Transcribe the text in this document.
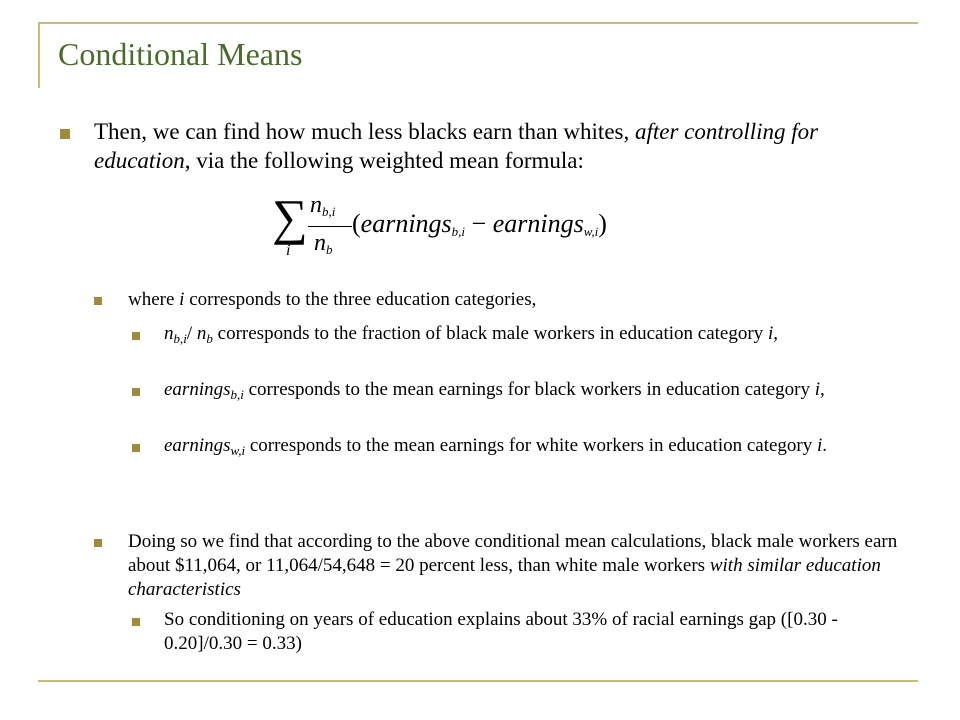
Conditional Means
Then, we can find how much less blacks earn than whites, after controlling for education, via the following weighted mean formula:
∑
i
$n_{b,i}$
$n_b$
(earnings$_{b,i}$ − earnings$_{w,i}$)
where i corresponds to the three education categories,
$n_{b,i}/$ $n_b$ corresponds to the fraction of black male workers in education category i,
earnings$_{b,i}$ corresponds to the mean earnings for black workers in education category i,
earnings$_{w,i}$ corresponds to the mean earnings for white workers in education category i.
Doing so we find that according to the above conditional mean calculations, black male workers earn about $11,064, or 11,064/54,648 = 20 percent less, than white male workers with similar education characteristics
So conditioning on years of education explains about 33% of racial earnings gap ([0.30 - 0.20]/0.30 = 0.33)
